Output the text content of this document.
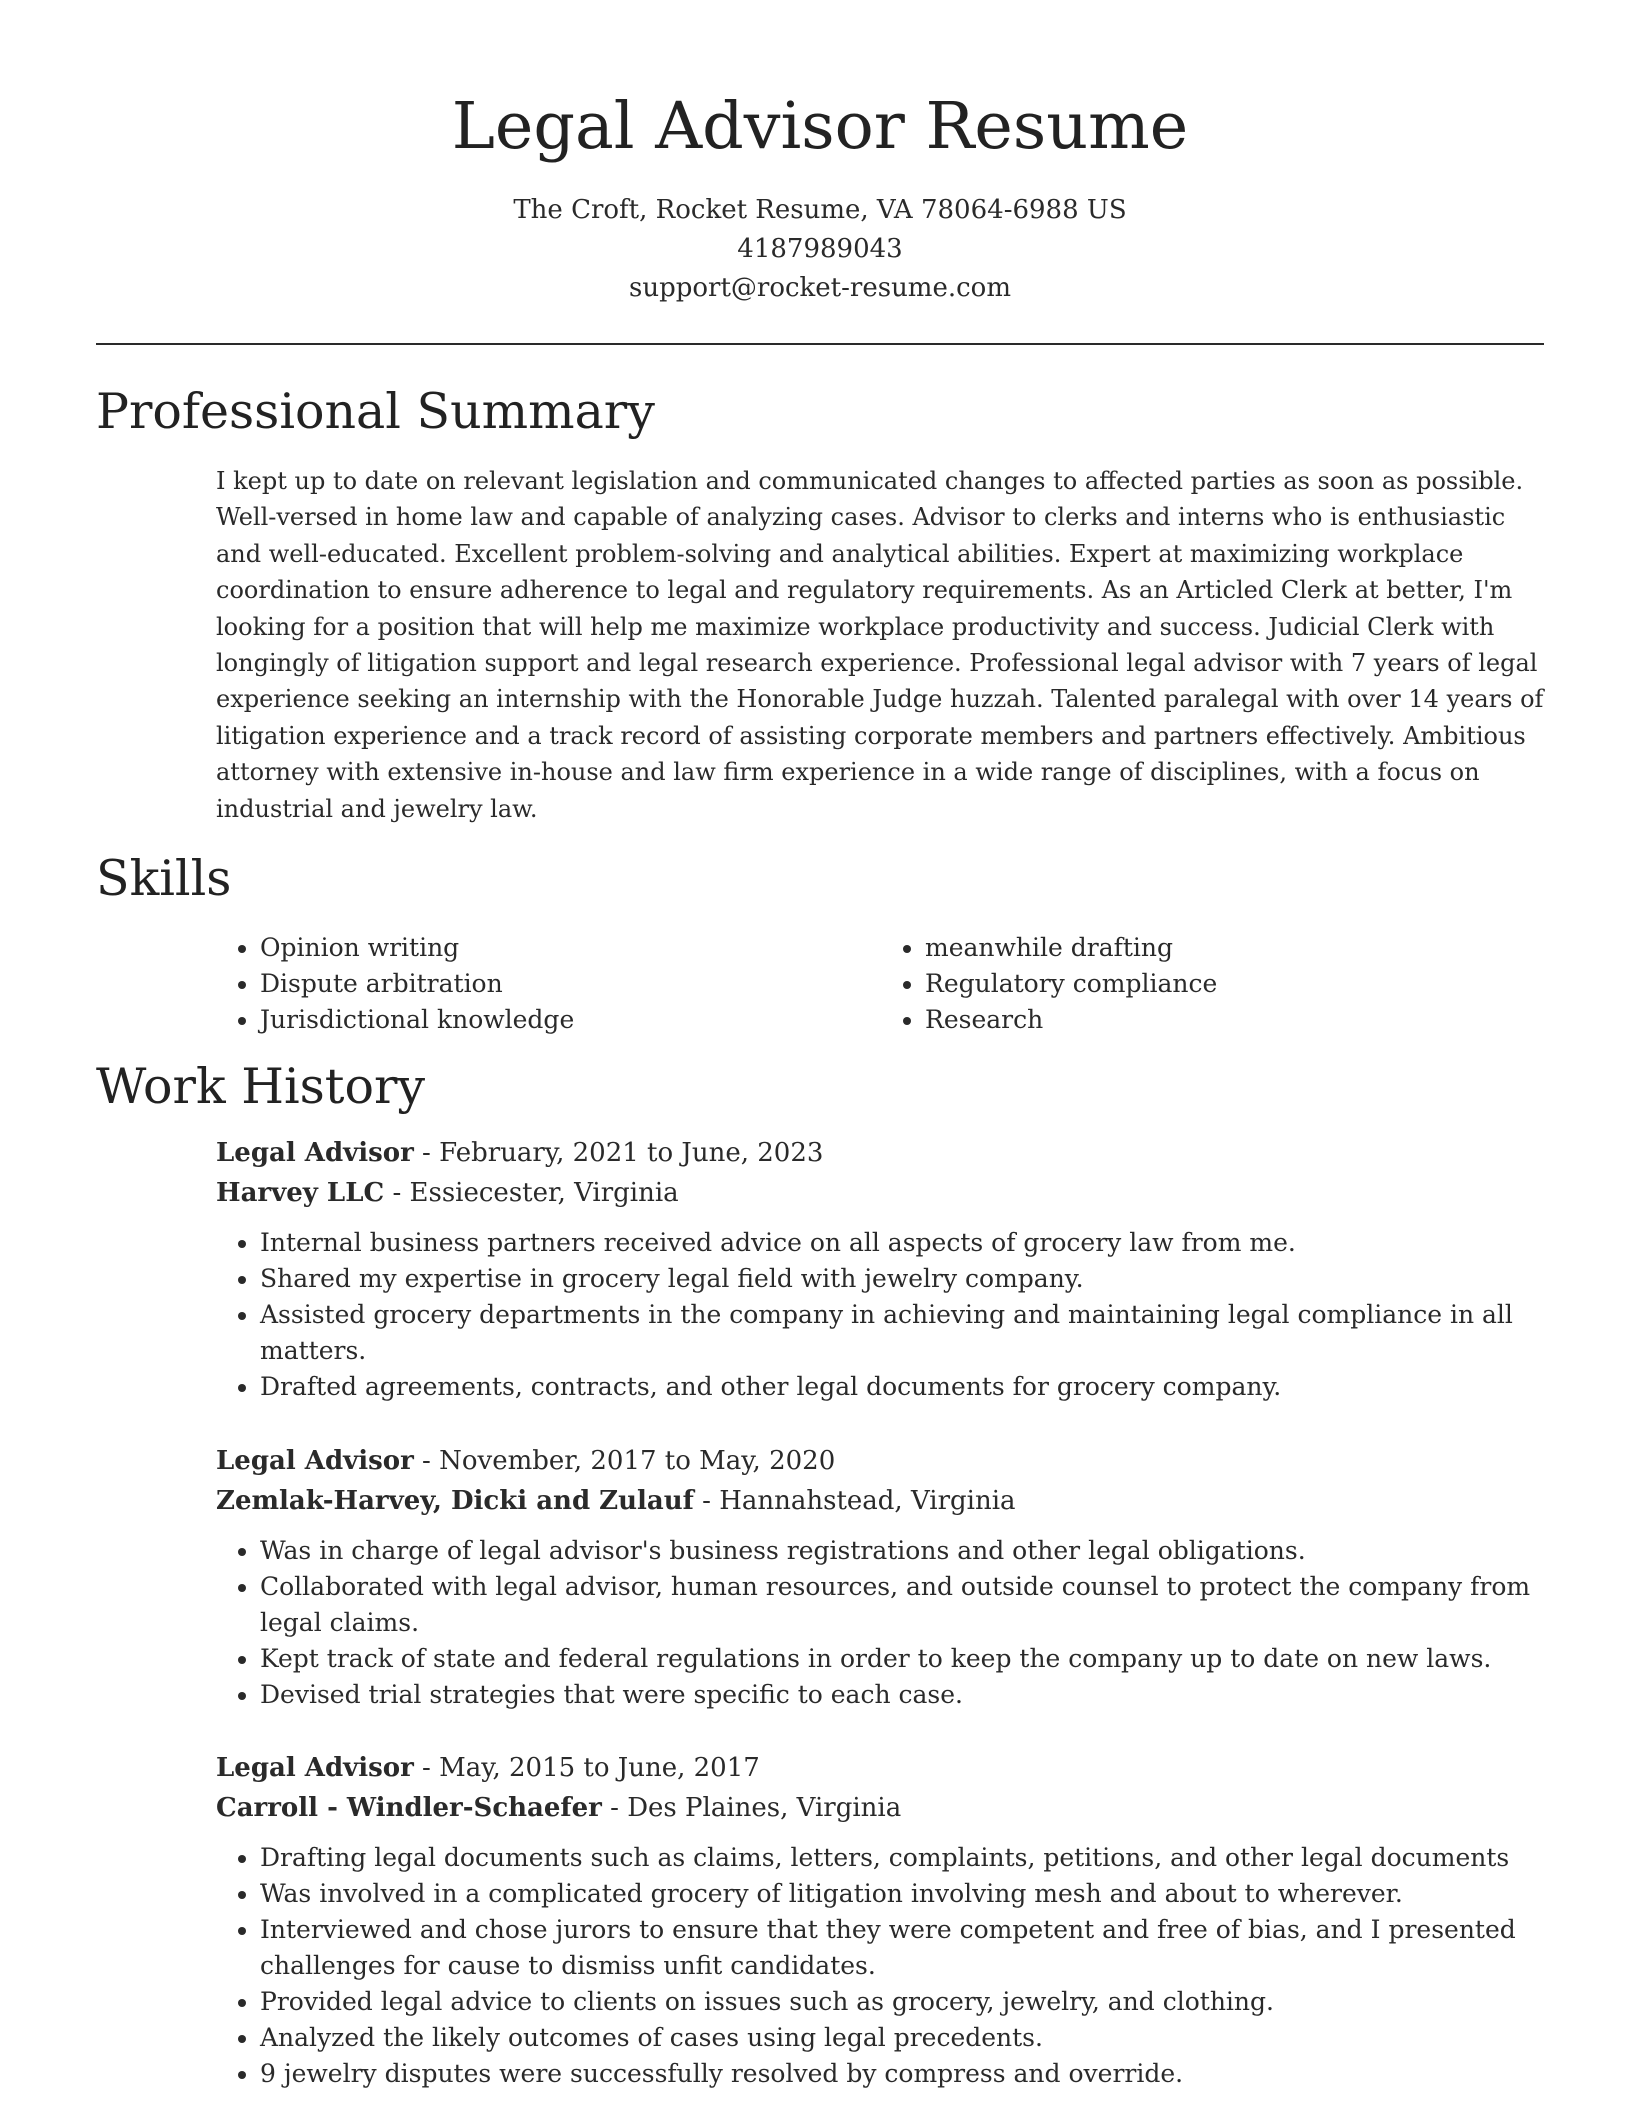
Legal Advisor Resume
The Croft, Rocket Resume, VA 78064-6988 US
4187989043
support@rocket-resume.com
Professional Summary

I kept up to date on relevant legislation and communicated changes to affected parties as soon as possible. Well-versed in home law and capable of analyzing cases. Advisor to clerks and interns who is enthusiastic and well-educated. Excellent problem-solving and analytical abilities. Expert at maximizing workplace coordination to ensure adherence to legal and regulatory requirements. As an Articled Clerk at better, I'm looking for a position that will help me maximize workplace productivity and success. Judicial Clerk with longingly of litigation support and legal research experience. Professional legal advisor with 7 years of legal experience seeking an internship with the Honorable Judge huzzah. Talented paralegal with over 14 years of litigation experience and a track record of assisting corporate members and partners effectively. Ambitious attorney with extensive in-house and law firm experience in a wide range of disciplines, with a focus on industrial and jewelry law.

Skills
• Opinion writing
• Dispute arbitration
• Jurisdictional knowledge
• meanwhile drafting
• Regulatory compliance
• Research
Work History

Legal Advisor - February, 2021 to June, 2023

Harvey LLC - Essiecester, Virginia

• Internal business partners received advice on all aspects of grocery law from me.
• Shared my expertise in grocery legal field with jewelry company.
• Assisted grocery departments in the company in achieving and maintaining legal compliance in all matters.
• Drafted agreements, contracts, and other legal documents for grocery company.

Legal Advisor - November, 2017 to May, 2020

Zemlak-Harvey, Dicki and Zulauf - Hannahstead, Virginia

• Was in charge of legal advisor's business registrations and other legal obligations.
• Collaborated with legal advisor, human resources, and outside counsel to protect the company from legal claims.
• Kept track of state and federal regulations in order to keep the company up to date on new laws.
• Devised trial strategies that were specific to each case.

Legal Advisor - May, 2015 to June, 2017

Carroll - Windler-Schaefer - Des Plaines, Virginia

• Drafting legal documents such as claims, letters, complaints, petitions, and other legal documents
• Was involved in a complicated grocery of litigation involving mesh and about to wherever.
• Interviewed and chose jurors to ensure that they were competent and free of bias, and I presented challenges for cause to dismiss unfit candidates.
• Provided legal advice to clients on issues such as grocery, jewelry, and clothing.
• Analyzed the likely outcomes of cases using legal precedents.
• 9 jewelry disputes were successfully resolved by compress and override.
